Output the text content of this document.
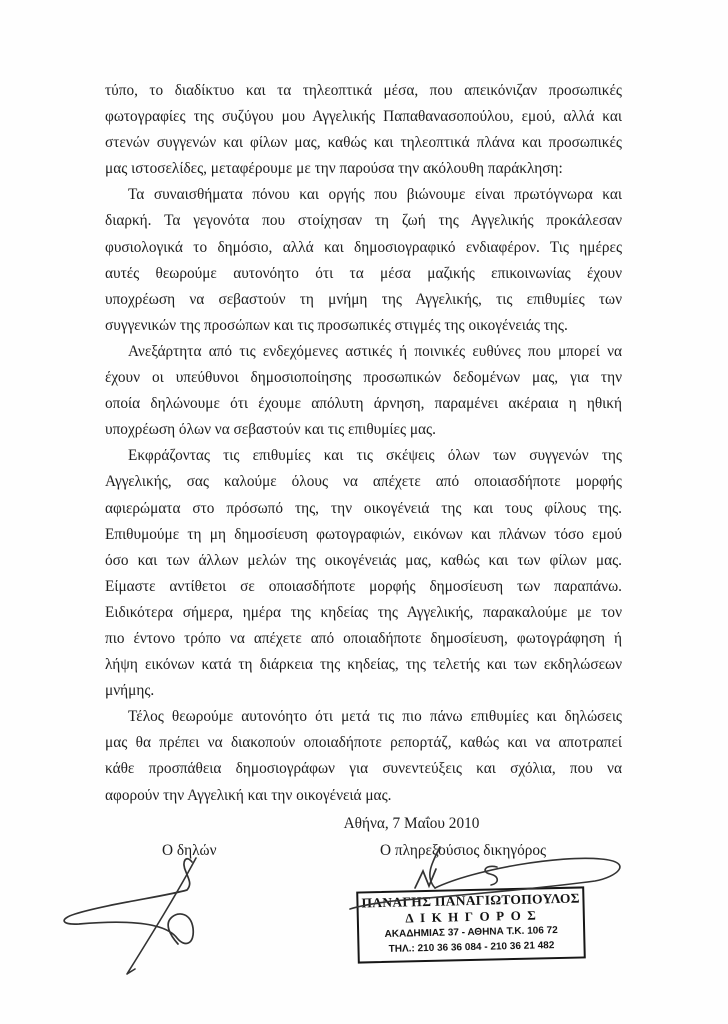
τύπο, το διαδίκτυο και τα τηλεοπτικά μέσα, που απεικόνιζαν προσωπικές
φωτογραφίες της συζύγου μου Αγγελικής Παπαθανασοπούλου, εμού, αλλά και
στενών συγγενών και φίλων μας, καθώς και τηλεοπτικά πλάνα και προσωπικές
μας ιστοσελίδες, μεταφέρουμε με την παρούσα την ακόλουθη παράκληση:
Τα συναισθήματα πόνου και οργής που βιώνουμε είναι πρωτόγνωρα και
διαρκή. Τα γεγονότα που στοίχησαν τη ζωή της Αγγελικής προκάλεσαν
φυσιολογικά το δημόσιο, αλλά και δημοσιογραφικό ενδιαφέρον. Τις ημέρες
αυτές θεωρούμε αυτονόητο ότι τα μέσα μαζικής επικοινωνίας έχουν
υποχρέωση να σεβαστούν τη μνήμη της Αγγελικής, τις επιθυμίες των
συγγενικών της προσώπων και τις προσωπικές στιγμές της οικογένειάς της.
Ανεξάρτητα από τις ενδεχόμενες αστικές ή ποινικές ευθύνες που μπορεί να
έχουν οι υπεύθυνοι δημοσιοποίησης προσωπικών δεδομένων μας, για την
οποία δηλώνουμε ότι έχουμε απόλυτη άρνηση, παραμένει ακέραια η ηθική
υποχρέωση όλων να σεβαστούν και τις επιθυμίες μας.
Εκφράζοντας τις επιθυμίες και τις σκέψεις όλων των συγγενών της
Αγγελικής, σας καλούμε όλους να απέχετε από οποιασδήποτε μορφής
αφιερώματα στο πρόσωπό της, την οικογένειά της και τους φίλους της.
Επιθυμούμε τη μη δημοσίευση φωτογραφιών, εικόνων και πλάνων τόσο εμού
όσο και των άλλων μελών της οικογένειάς μας, καθώς και των φίλων μας.
Είμαστε αντίθετοι σε οποιασδήποτε μορφής δημοσίευση των παραπάνω.
Ειδικότερα σήμερα, ημέρα της κηδείας της Αγγελικής, παρακαλούμε με τον
πιο έντονο τρόπο να απέχετε από οποιαδήποτε δημοσίευση, φωτογράφηση ή
λήψη εικόνων κατά τη διάρκεια της κηδείας, της τελετής και των εκδηλώσεων
μνήμης.
Τέλος θεωρούμε αυτονόητο ότι μετά τις πιο πάνω επιθυμίες και δηλώσεις
μας θα πρέπει να διακοπούν οποιαδήποτε ρεπορτάζ, καθώς και να αποτραπεί
κάθε προσπάθεια δημοσιογράφων για συνεντεύξεις και σχόλια, που να
αφορούν την Αγγελική και την οικογένειά μας.
Αθήνα, 7 Μαΐου 2010
Ο δηλών	Ο πληρεξούσιος δικηγόρος
ΠΑΝΑΓΗΣ ΠΑΝΑΓΙΩΤΟΠΟΥΛΟΣ
ΔΙΚΗΓΟΡΟΣ
ΑΚΑΔΗΜΙΑΣ 37 - ΑΘΗΝΑ Τ.Κ. 106 72
ΤΗΛ.: 210 36 36 084 - 210 36 21 482
